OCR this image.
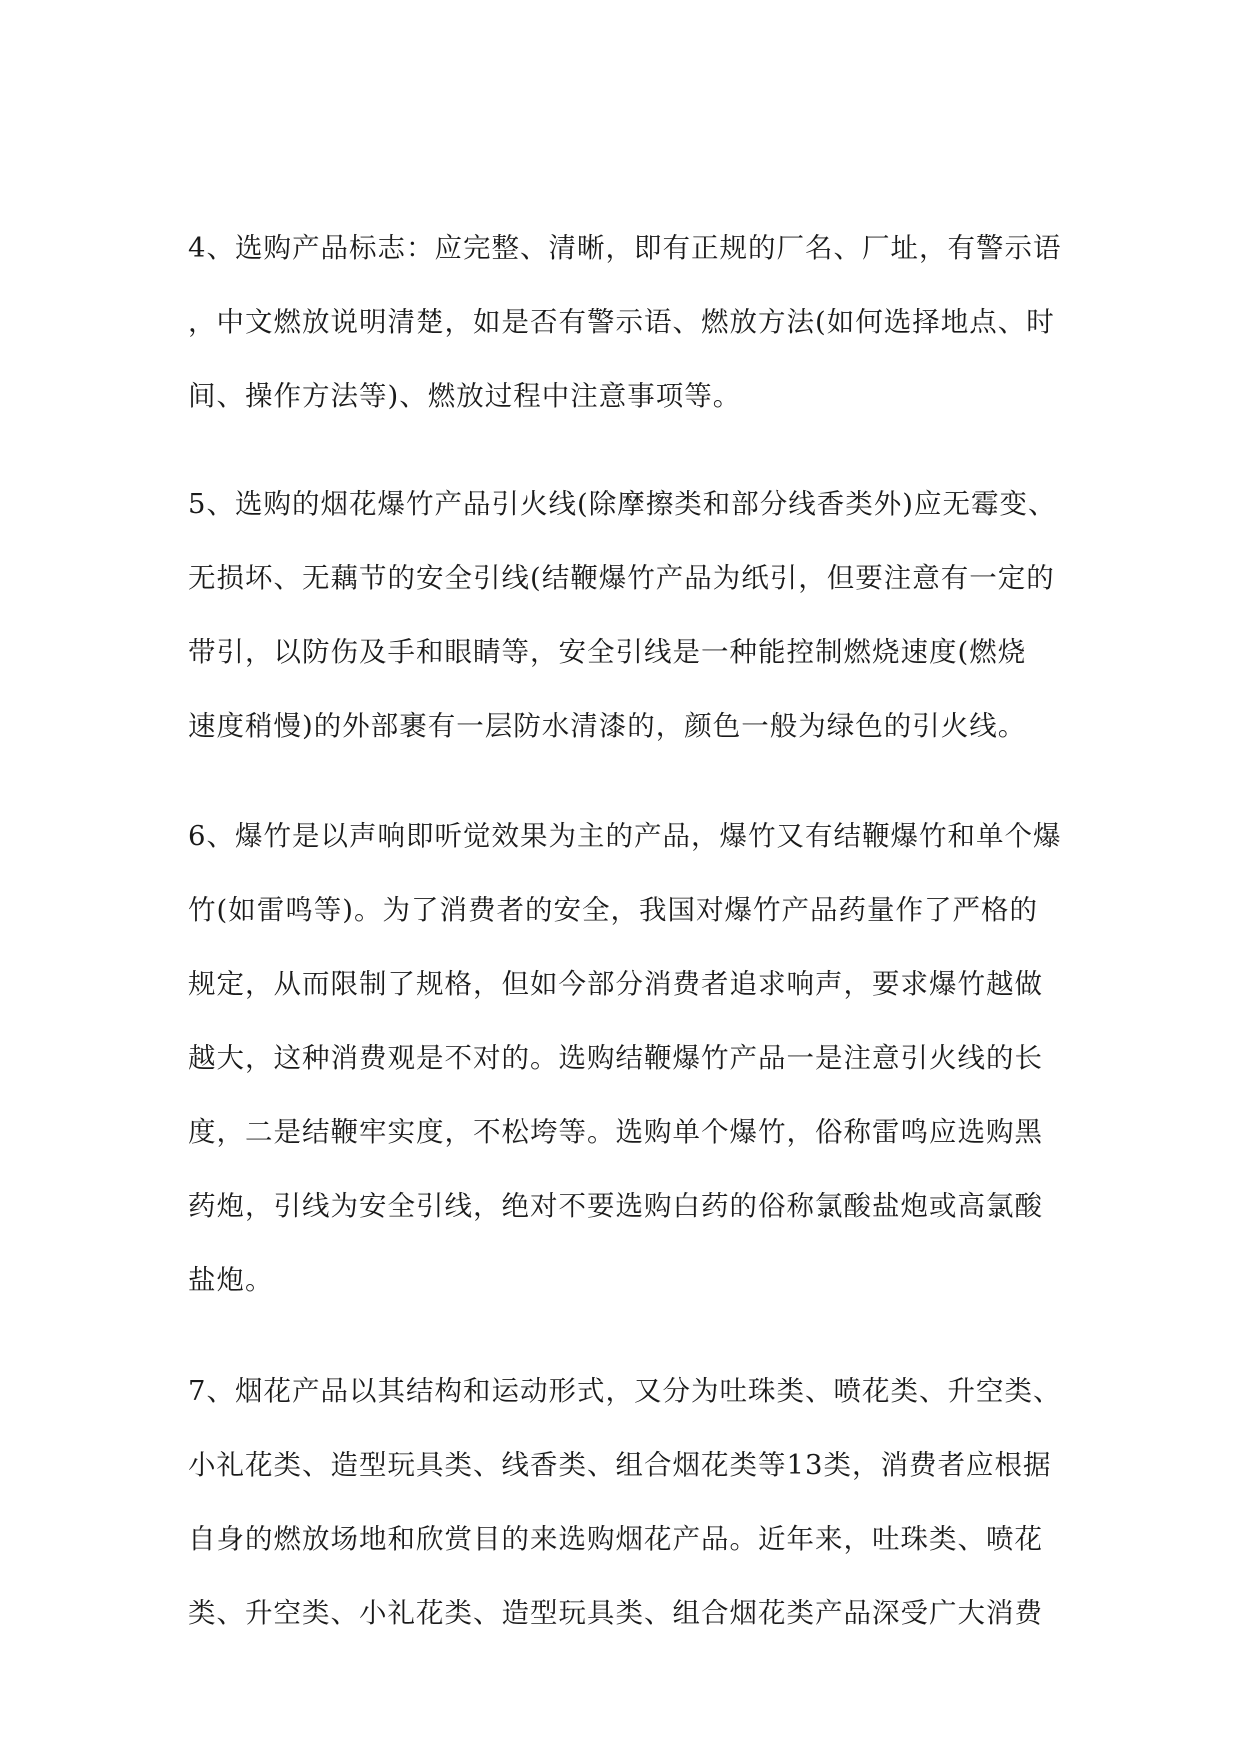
4、选购产品标志：应完整、清晰，即有正规的厂名、厂址，有警示语
，中文燃放说明清楚，如是否有警示语、燃放方法(如何选择地点、时
间、操作方法等)、燃放过程中注意事项等。
5、选购的烟花爆竹产品引火线(除摩擦类和部分线香类外)应无霉变、
无损坏、无藕节的安全引线(结鞭爆竹产品为纸引，但要注意有一定的
带引，以防伤及手和眼睛等，安全引线是一种能控制燃烧速度(燃烧
速度稍慢)的外部裹有一层防水清漆的，颜色一般为绿色的引火线。
6、爆竹是以声响即听觉效果为主的产品，爆竹又有结鞭爆竹和单个爆
竹(如雷鸣等)。为了消费者的安全，我国对爆竹产品药量作了严格的
规定，从而限制了规格，但如今部分消费者追求响声，要求爆竹越做
越大，这种消费观是不对的。选购结鞭爆竹产品一是注意引火线的长
度，二是结鞭牢实度，不松垮等。选购单个爆竹，俗称雷鸣应选购黑
药炮，引线为安全引线，绝对不要选购白药的俗称氯酸盐炮或高氯酸
盐炮。
7、烟花产品以其结构和运动形式，又分为吐珠类、喷花类、升空类、
小礼花类、造型玩具类、线香类、组合烟花类等13类，消费者应根据
自身的燃放场地和欣赏目的来选购烟花产品。近年来，吐珠类、喷花
类、升空类、小礼花类、造型玩具类、组合烟花类产品深受广大消费
